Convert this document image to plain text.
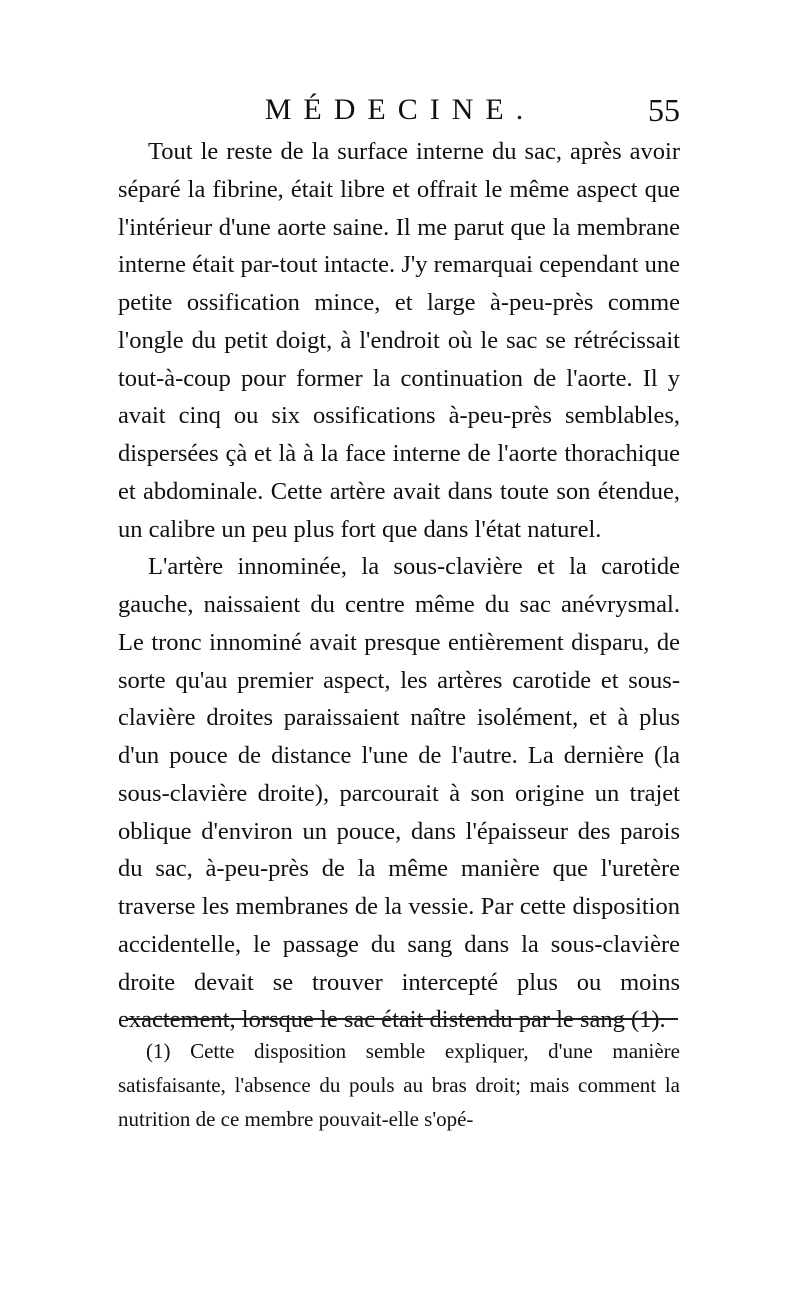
MÉDECINE.	55

Tout le reste de la surface interne du sac, après avoir séparé la fibrine, était libre et offrait le même aspect que l'intérieur d'une aorte saine. Il me parut que la membrane interne était par-tout intacte. J'y remarquai cependant une petite ossification mince, et large à-peu-près comme l'ongle du petit doigt, à l'endroit où le sac se rétrécissait tout-à-coup pour former la continuation de l'aorte. Il y avait cinq ou six ossifications à-peu-près semblables, dispersées çà et là à la face interne de l'aorte thorachique et abdominale. Cette artère avait dans toute son étendue, un calibre un peu plus fort que dans l'état naturel.

L'artère innominée, la sous-clavière et la carotide gauche, naissaient du centre même du sac anévrysmal. Le tronc innominé avait presque entièrement disparu, de sorte qu'au premier aspect, les artères carotide et sous-clavière droites paraissaient naître isolément, et à plus d'un pouce de distance l'une de l'autre. La dernière (la sous-clavière droite), parcourait à son origine un trajet oblique d'environ un pouce, dans l'épaisseur des parois du sac, à-peu-près de la même manière que l'uretère traverse les membranes de la vessie. Par cette disposition accidentelle, le passage du sang dans la sous-clavière droite devait se trouver intercepté plus ou moins exactement, lorsque le sac était distendu par le sang (1).

(1) Cette disposition semble expliquer, d'une manière satisfaisante, l'absence du pouls au bras droit; mais comment la nutrition de ce membre pouvait-elle s'opé-
